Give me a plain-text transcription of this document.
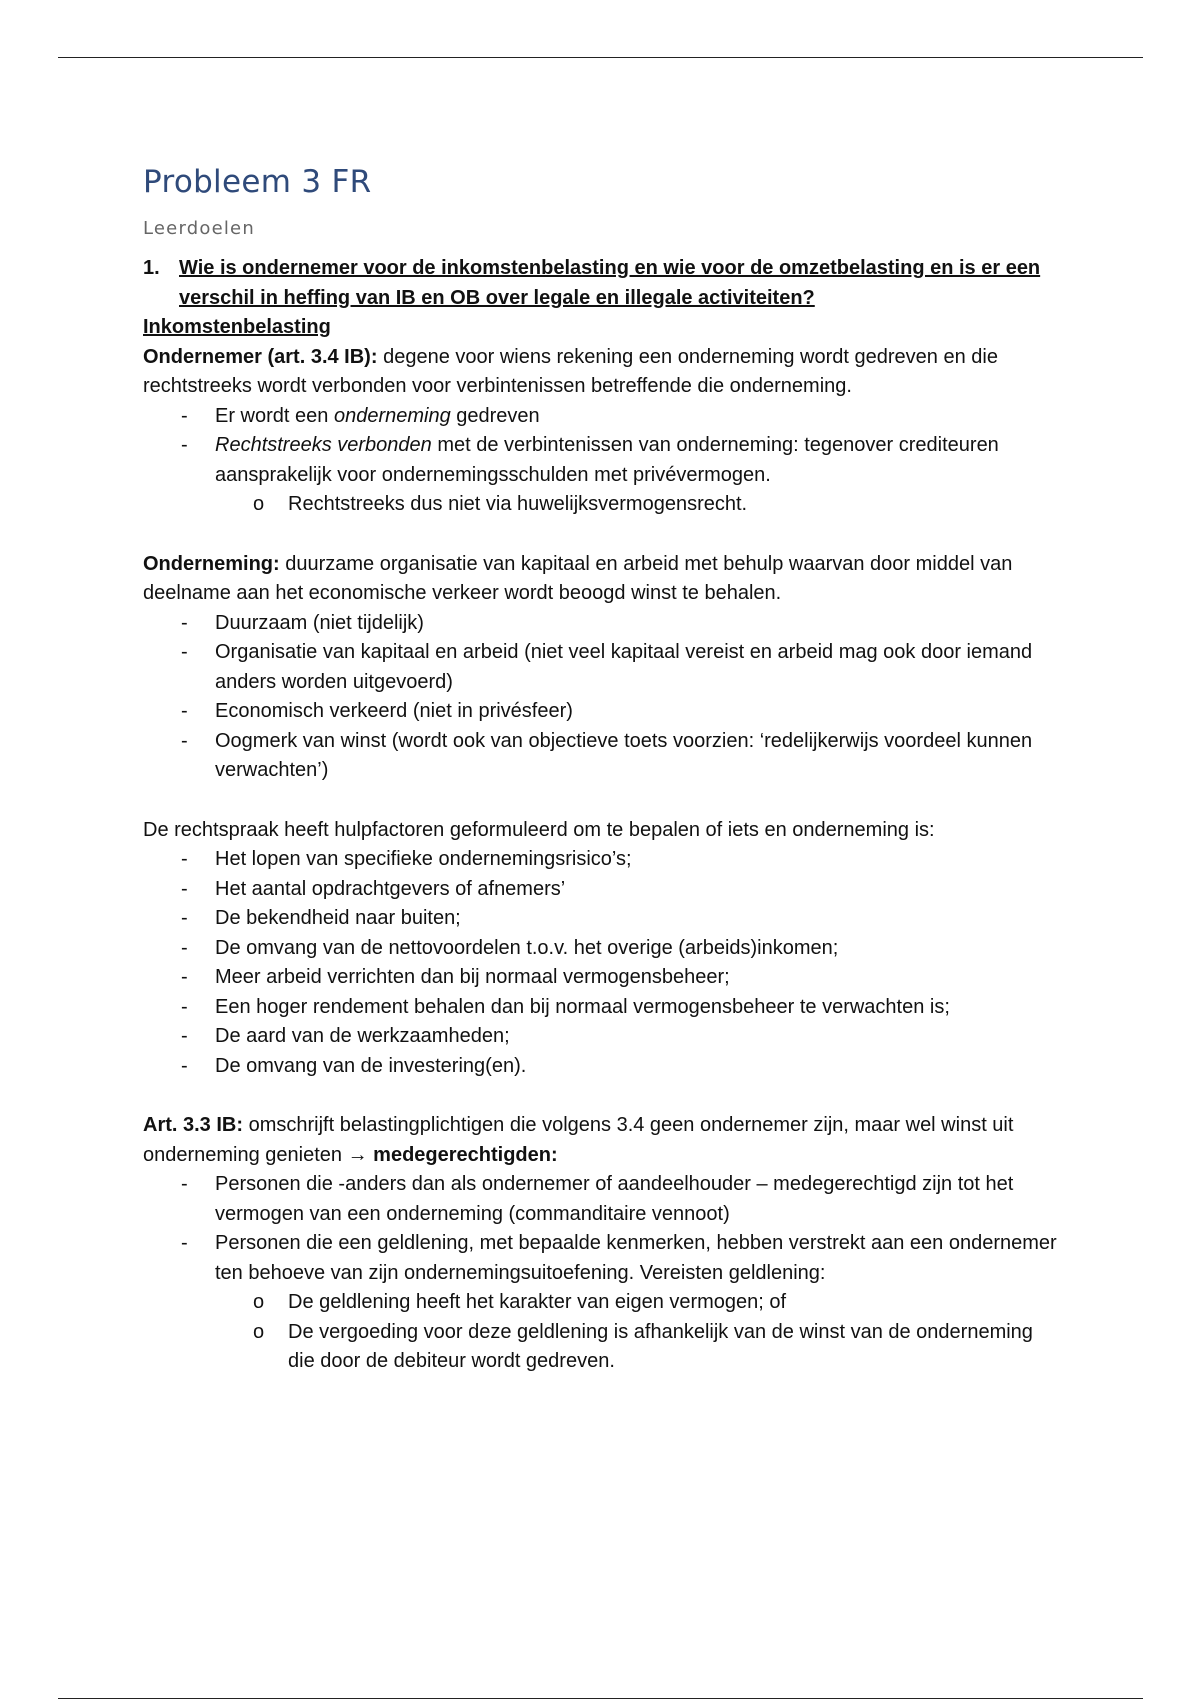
Probleem 3 FR
Leerdoelen
1. Wie is ondernemer voor de inkomstenbelasting en wie voor de omzetbelasting en is er een verschil in heffing van IB en OB over legale en illegale activiteiten?

Inkomstenbelasting

Ondernemer (art. 3.4 IB): degene voor wiens rekening een onderneming wordt gedreven en die rechtstreeks wordt verbonden voor verbintenissen betreffende die onderneming.

-	Er wordt een onderneming gedreven
-	Rechtstreeks verbonden met de verbintenissen van onderneming: tegenover crediteuren aansprakelijk voor ondernemingsschulden met privévermogen.
o	Rechtstreeks dus niet via huwelijksvermogensrecht.

Onderneming: duurzame organisatie van kapitaal en arbeid met behulp waarvan door middel van deelname aan het economische verkeer wordt beoogd winst te behalen.

-	Duurzaam (niet tijdelijk)
-	Organisatie van kapitaal en arbeid (niet veel kapitaal vereist en arbeid mag ook door iemand anders worden uitgevoerd)
-	Economisch verkeerd (niet in privésfeer)
-	Oogmerk van winst (wordt ook van objectieve toets voorzien: ‘redelijkerwijs voordeel kunnen verwachten’)

De rechtspraak heeft hulpfactoren geformuleerd om te bepalen of iets en onderneming is:

-	Het lopen van specifieke ondernemingsrisico’s;
-	Het aantal opdrachtgevers of afnemers’
-	De bekendheid naar buiten;
-	De omvang van de nettovoordelen t.o.v. het overige (arbeids)inkomen;
-	Meer arbeid verrichten dan bij normaal vermogensbeheer;
-	Een hoger rendement behalen dan bij normaal vermogensbeheer te verwachten is;
-	De aard van de werkzaamheden;
-	De omvang van de investering(en).

Art. 3.3 IB: omschrijft belastingplichtigen die volgens 3.4 geen ondernemer zijn, maar wel winst uit onderneming genieten → medegerechtigden:

-	Personen die -anders dan als ondernemer of aandeelhouder – medegerechtigd zijn tot het vermogen van een onderneming (commanditaire vennoot)
-	Personen die een geldlening, met bepaalde kenmerken, hebben verstrekt aan een ondernemer ten behoeve van zijn ondernemingsuitoefening. Vereisten geldlening:
o	De geldlening heeft het karakter van eigen vermogen; of
o	De vergoeding voor deze geldlening is afhankelijk van de winst van de onderneming die door de debiteur wordt gedreven.
